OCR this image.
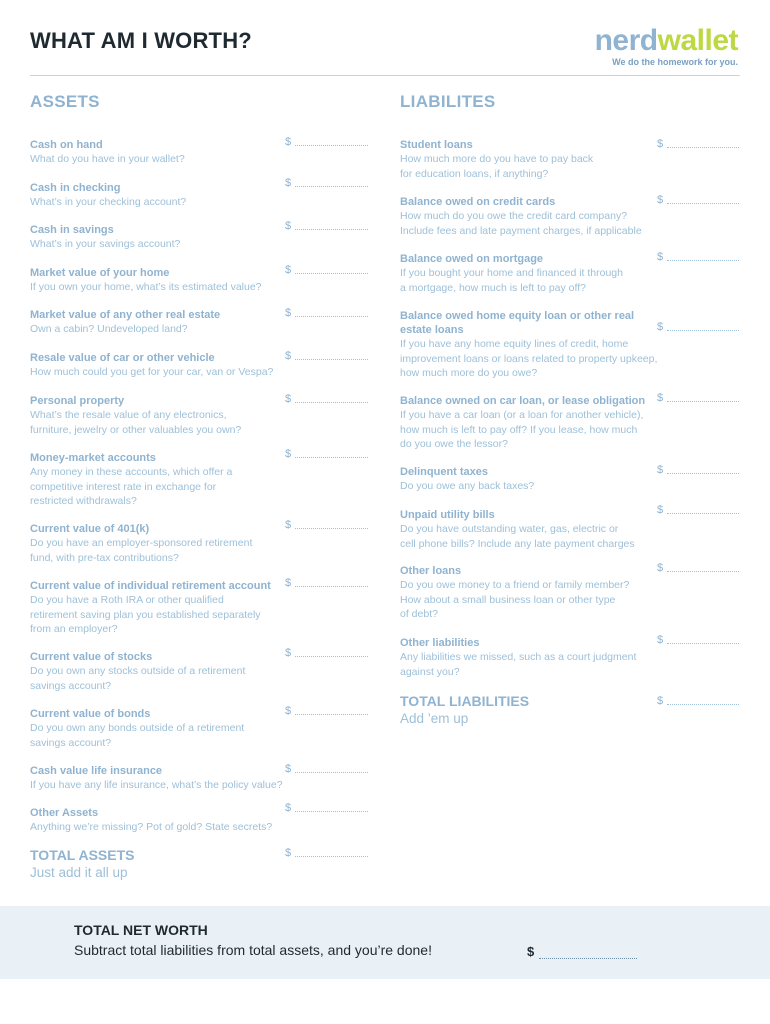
WHAT AM I WORTH?	nerdwallet
We do the homework for you.
ASSETS
Cash on hand
What do you have in your wallet?
$
Cash in checking
What’s in your checking account?
$
Cash in savings
What’s in your savings account?
$
Market value of your home
If you own your home, what’s its estimated value?
$
Market value of any other real estate
Own a cabin? Undeveloped land?
$
Resale value of car or other vehicle
How much could you get for your car, van or Vespa?
$
Personal property
What’s the resale value of any electronics,
furniture, jewelry or other valuables you own?
$
Money-market accounts
Any money in these accounts, which offer a
competitive interest rate in exchange for
restricted withdrawals?
$
Current value of 401(k)
Do you have an employer-sponsored retirement
fund, with pre-tax contributions?
$
Current value of individual retirement account
Do you have a Roth IRA or other qualified
retirement saving plan you established separately
from an employer?
$
Current value of stocks
Do you own any stocks outside of a retirement
savings account?
$
Current value of bonds
Do you own any bonds outside of a retirement
savings account?
$
Cash value life insurance
If you have any life insurance, what’s the policy value?
$
Other Assets
Anything we’re missing? Pot of gold? State secrets?
$
TOTAL ASSETS
Just add it all up
$
LIABILITES
Student loans
How much more do you have to pay back
for education loans, if anything?
$
Balance owed on credit cards
How much do you owe the credit card company?
Include fees and late payment charges, if applicable
$
Balance owed on mortgage
If you bought your home and financed it through
a mortgage, how much is left to pay off?
$
Balance owed home equity loan or other real
estate loans
If you have any home equity lines of credit, home
improvement loans or loans related to property upkeep,
how much more do you owe?
$
Balance owned on car loan, or lease obligation
If you have a car loan (or a loan for another vehicle),
how much is left to pay off? If you lease, how much
do you owe the lessor?
$
Delinquent taxes
Do you owe any back taxes?
$
Unpaid utility bills
Do you have outstanding water, gas, electric or
cell phone bills? Include any late payment charges
$
Other loans
Do you owe money to a friend or family member?
How about a small business loan or other type
of debt?
$
Other liabilities
Any liabilities we missed, such as a court judgment
against you?
$
TOTAL LIABILITIES
Add ’em up
$
TOTAL NET WORTH
Subtract total liabilities from total assets, and you’re done!	$
